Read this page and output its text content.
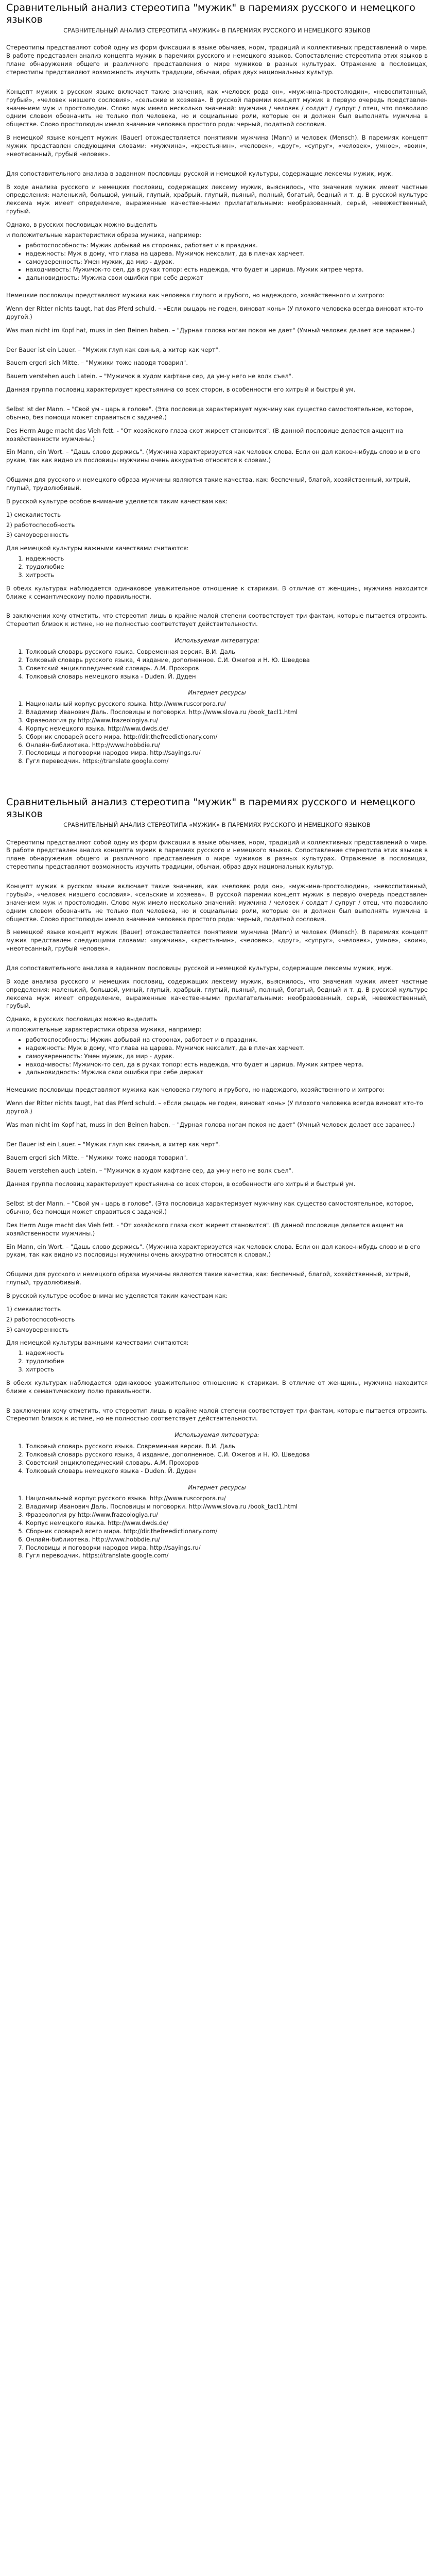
Сравнительный анализ стереотипа "мужик" в паремиях русского и немецкого языков
СРАВНИТЕЛЬНЫЙ АНАЛИЗ СТЕРЕОТИПА «МУЖИК» В ПАРЕМИЯХ РУССКОГО И НЕМЕЦКОГО ЯЗЫКОВ

Стереотипы представляют собой одну из форм фиксации в языке обычаев, норм, традиций и коллективных представлений о мире. В работе представлен анализ концепта мужик в паремиях русского и немецкого языков. Сопоставление стереотипа этих языков в плане обнаружения общего и различного представления о мире мужиков в разных культурах. Отражение в пословицах, стереотипы представляют возможность изучить традиции, обычаи, образ двух национальных культур.

Концепт мужик в русском языке включает такие значения, как «человек рода он», «мужчина-простолюдин», «невоспитанный, грубый», «человек низшего сословия», «сельские и хозяева». В русской паремии концепт мужик в первую очередь представлен значением муж и простолюдин. Слово муж имело несколько значений: мужчина / человек / солдат / супруг / отец, что позволило одним словом обозначить не только пол человека, но и социальные роли, которые он и должен был выполнять мужчина в обществе. Слово простолюдин имело значение человека простого рода: черный, податной сословия.

В немецкой языке концепт мужик (Bauer) отождествляется понятиями мужчина (Mann) и человек (Mensch). В паремиях концепт мужик представлен следующими словами: «мужчина», «крестьянин», «человек», «друг», «супруг», «человек», умное», «воин», «неотесанный, грубый человек».

Для сопоставительного анализа в заданном пословицы русской и немецкой культуры, содержащие лексемы мужик, муж.

В ходе анализа русского и немецких пословиц, содержащих лексему мужик, выяснилось, что значения мужик имеет частные определения: маленький, большой, умный, глупый, храбрый, глупый, пьяный, полный, богатый, бедный и т. д. В русской культуре лексема муж имеет определение, выраженные качественными прилагательными: необразованный, серый, невежественный, грубый.

Однако, в русских пословицах можно выделить

и положительные характеристики образа мужика, например:

• работоспособность: Мужик добывай на сторонах, работает и в праздник.
• надежность: Муж в дому, что глава на царева. Мужичок нексалит, да в плечах харчеет.
• самоуверенность: Умен мужик, да мир - дурак.
• находчивость: Мужичок-то сел, да в руках топор: есть надежда, что будет и царица. Мужик хитрее черта.
• дальновидность: Мужика свои ошибки при себе держат

Немецкие пословицы представляют мужика как человека глупого и грубого, но надеждого, хозяйственного и хитрого:

Wenn der Ritter nichts taugt, hat das Pferd schuld. – «Если рыцарь не годен, виноват конь» (У плохого человека всегда виноват кто-то другой.)

Was man nicht im Kopf hat, muss in den Beinen haben. – "Дурная голова ногам покоя не дает" (Умный человек делает все заранее.)

Der Bauer ist ein Lauer. – "Мужик глуп как свинья, а хитер как черт".

Bauern ergeri sich Mitte. – "Мужики тоже наводя товарил".

Bauern verstehen auch Latein. – "Мужичок в худом кафтане сер, да ум-у него не волк съел".

Данная группа пословиц характеризует крестьянина со всех сторон, в особенности его хитрый и быстрый ум.

Selbst ist der Mann. – "Свой ум - царь в голове". (Эта пословица характеризует мужчину как существо самостоятельное, которое, обычно, без помощи может справиться с задачей.)

Des Herrn Auge macht das Vieh fett. - "От хозяйского глаза скот жиреет становится". (В данной пословице делается акцент на хозяйственности мужчины.)

Ein Mann, ein Wort. – "Дашь слово держись". (Мужчина характеризуется как человек слова. Если он дал какое-нибудь слово и в его рукам, так как видно из пословицы мужчины очень аккуратно относятся к словам.)

Общими для русского и немецкого образа мужчины являются такие качества, как: беспечный, благой, хозяйственный, хитрый, глупый, трудолюбивый.

В русской культуре особое внимание уделяется таким качествам как:

1) смекалистость

2) работоспособность

3) самоуверенность

Для немецкой культуры важными качествами считаются:

1. надежность
2. трудолюбие
3. хитрость

В обеих культурах наблюдается одинаковое уважительное отношение к старикам. В отличие от женщины, мужчина находится ближе к семантическому полю правильности.

В заключении хочу отметить, что стереотип лишь в крайне малой степени соответствует три фактам, которые пытается отразить. Стереотип близок к истине, но не полностью соответствует действительности.

Используемая литература:
1. Толковый словарь русского языка. Современная версия. В.И. Даль
2. Толковый словарь русского языка, 4 издание, дополненное. С.И. Ожегов и Н. Ю. Шведова
3. Советский энциклопедический словарь. А.М. Прохоров
4. Толковый словарь немецкого языка - Duden. Й. Дуден
Интернет ресурсы
1. Национальный корпус русского языка. http://www.ruscorpora.ru/
2. Владимир Иванович Даль. Пословицы и поговорки. http://www.slova.ru /book_tacl1.html
3. Фразеология ру http://www.frazeologiya.ru/
4. Корпус немецкого языка. http://www.dwds.de/
5. Сборник словарей всего мира. http://dir.thefreedictionary.com/
6. Онлайн-библиотека. http://www.hobbdie.ru/
7. Пословицы и поговорки народов мира. http://sayings.ru/
8. Гугл переводчик. https://translate.google.com/
Сравнительный анализ стереотипа "мужик" в паремиях русского и немецкого языков
СРАВНИТЕЛЬНЫЙ АНАЛИЗ СТЕРЕОТИПА «МУЖИК» В ПАРЕМИЯХ РУССКОГО И НЕМЕЦКОГО ЯЗЫКОВ

Стереотипы представляют собой одну из форм фиксации в языке обычаев, норм, традиций и коллективных представлений о мире. В работе представлен анализ концепта мужик в паремиях русского и немецкого языков. Сопоставление стереотипа этих языков в плане обнаружения общего и различного представления о мире мужиков в разных культурах. Отражение в пословицах, стереотипы представляют возможность изучить традиции, обычаи, образ двух национальных культур.

Концепт мужик в русском языке включает такие значения, как «человек рода он», «мужчина-простолюдин», «невоспитанный, грубый», «человек низшего сословия», «сельские и хозяева». В русской паремии концепт мужик в первую очередь представлен значением муж и простолюдин. Слово муж имело несколько значений: мужчина / человек / солдат / супруг / отец, что позволило одним словом обозначить не только пол человека, но и социальные роли, которые он и должен был выполнять мужчина в обществе. Слово простолюдин имело значение человека простого рода: черный, податной сословия.

В немецкой языке концепт мужик (Bauer) отождествляется понятиями мужчина (Mann) и человек (Mensch). В паремиях концепт мужик представлен следующими словами: «мужчина», «крестьянин», «человек», «друг», «супруг», «человек», умное», «воин», «неотесанный, грубый человек».

Для сопоставительного анализа в заданном пословицы русской и немецкой культуры, содержащие лексемы мужик, муж.

В ходе анализа русского и немецких пословиц, содержащих лексему мужик, выяснилось, что значения мужик имеет частные определения: маленький, большой, умный, глупый, храбрый, глупый, пьяный, полный, богатый, бедный и т. д. В русской культуре лексема муж имеет определение, выраженные качественными прилагательными: необразованный, серый, невежественный, грубый.

Однако, в русских пословицах можно выделить

и положительные характеристики образа мужика, например:

• работоспособность: Мужик добывай на сторонах, работает и в праздник.
• надежность: Муж в дому, что глава на царева. Мужичок нексалит, да в плечах харчеет.
• самоуверенность: Умен мужик, да мир - дурак.
• находчивость: Мужичок-то сел, да в руках топор: есть надежда, что будет и царица. Мужик хитрее черта.
• дальновидность: Мужика свои ошибки при себе держат

Немецкие пословицы представляют мужика как человека глупого и грубого, но надеждого, хозяйственного и хитрого:

Wenn der Ritter nichts taugt, hat das Pferd schuld. – «Если рыцарь не годен, виноват конь» (У плохого человека всегда виноват кто-то другой.)

Was man nicht im Kopf hat, muss in den Beinen haben. – "Дурная голова ногам покоя не дает" (Умный человек делает все заранее.)

Der Bauer ist ein Lauer. – "Мужик глуп как свинья, а хитер как черт".

Bauern ergeri sich Mitte. – "Мужики тоже наводя товарил".

Bauern verstehen auch Latein. – "Мужичок в худом кафтане сер, да ум-у него не волк съел".

Данная группа пословиц характеризует крестьянина со всех сторон, в особенности его хитрый и быстрый ум.

Selbst ist der Mann. – "Свой ум - царь в голове". (Эта пословица характеризует мужчину как существо самостоятельное, которое, обычно, без помощи может справиться с задачей.)

Des Herrn Auge macht das Vieh fett. - "От хозяйского глаза скот жиреет становится". (В данной пословице делается акцент на хозяйственности мужчины.)

Ein Mann, ein Wort. – "Дашь слово держись". (Мужчина характеризуется как человек слова. Если он дал какое-нибудь слово и в его рукам, так как видно из пословицы мужчины очень аккуратно относятся к словам.)

Общими для русского и немецкого образа мужчины являются такие качества, как: беспечный, благой, хозяйственный, хитрый, глупый, трудолюбивый.

В русской культуре особое внимание уделяется таким качествам как:

1) смекалистость

2) работоспособность

3) самоуверенность

Для немецкой культуры важными качествами считаются:

1. надежность
2. трудолюбие
3. хитрость

В обеих культурах наблюдается одинаковое уважительное отношение к старикам. В отличие от женщины, мужчина находится ближе к семантическому полю правильности.

В заключении хочу отметить, что стереотип лишь в крайне малой степени соответствует три фактам, которые пытается отразить. Стереотип близок к истине, но не полностью соответствует действительности.

Используемая литература:
1. Толковый словарь русского языка. Современная версия. В.И. Даль
2. Толковый словарь русского языка, 4 издание, дополненное. С.И. Ожегов и Н. Ю. Шведова
3. Советский энциклопедический словарь. А.М. Прохоров
4. Толковый словарь немецкого языка - Duden. Й. Дуден
Интернет ресурсы
1. Национальный корпус русского языка. http://www.ruscorpora.ru/
2. Владимир Иванович Даль. Пословицы и поговорки. http://www.slova.ru /book_tacl1.html
3. Фразеология ру http://www.frazeologiya.ru/
4. Корпус немецкого языка. http://www.dwds.de/
5. Сборник словарей всего мира. http://dir.thefreedictionary.com/
6. Онлайн-библиотека. http://www.hobbdie.ru/
7. Пословицы и поговорки народов мира. http://sayings.ru/
8. Гугл переводчик. https://translate.google.com/
